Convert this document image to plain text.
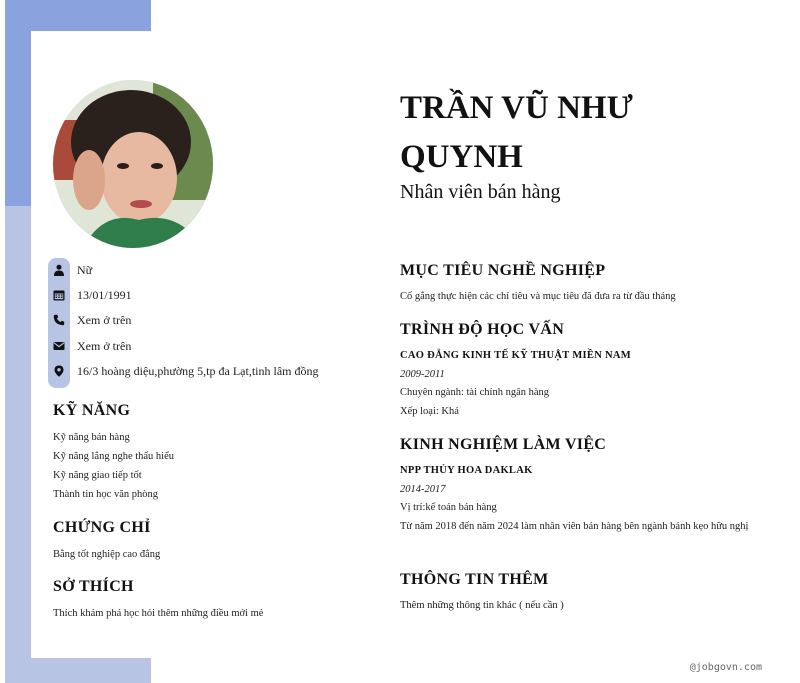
Nữ
13/01/1991
Xem ở trên
Xem ở trên
16/3 hoàng diệu,phường 5,tp đa Lạt,tinh lâm đồng
KỸ NĂNG
Kỹ năng bán hàng
Kỹ năng lắng nghe thấu hiểu
Kỹ năng giao tiếp tốt
Thành tin học văn phòng
CHỨNG CHỈ
Bằng tốt nghiệp cao đẳng
SỞ THÍCH
Thích khám phá học hỏi thêm những điều mới mẻ
TRẦN VŨ NHƯ QUYNH
Nhân viên bán hàng
MỤC TIÊU NGHỀ NGHIỆP
Cố gắng thực hiện các chỉ tiêu và mục tiêu đã đưa ra từ đầu tháng
TRÌNH ĐỘ HỌC VẤN
CAO ĐẲNG KINH TẾ KỸ THUẬT MIỀN NAM
2009-2011
Chuyên ngành: tài chính ngân hàng
Xếp loại: Khá
KINH NGHIỆM LÀM VIỆC
NPP THỦY HOA DAKLAK
2014-2017
Vị trí:kế toán bán hàng
Từ năm 2018 đến năm 2024 làm nhân viên bán hàng bên ngành bánh kẹo hữu nghị
THÔNG TIN THÊM
Thêm những thông tin khác ( nếu cần )
@jobgovn.com
